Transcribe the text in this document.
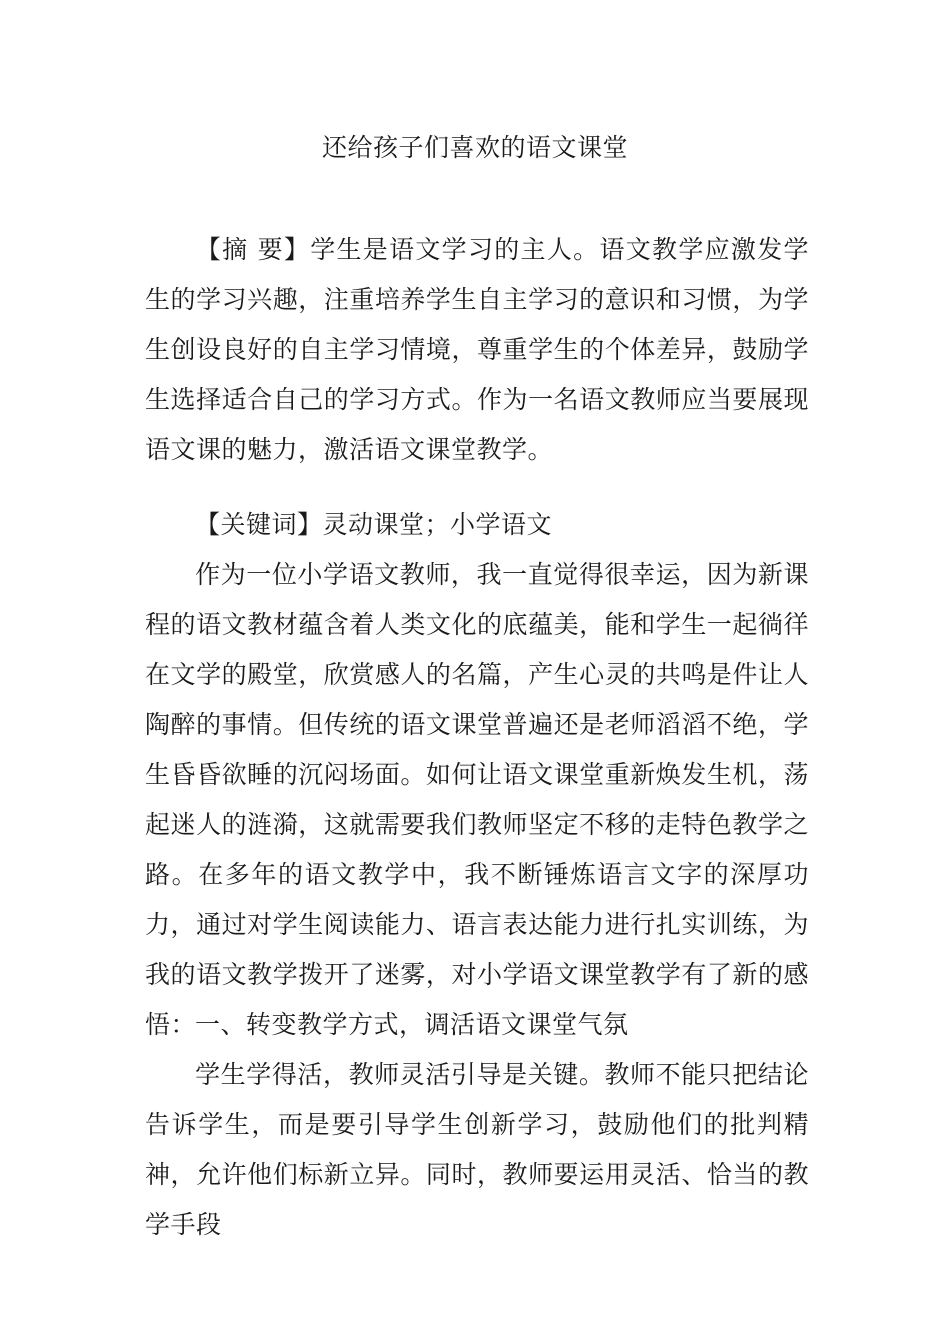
还给孩子们喜欢的语文课堂

【摘 要】学生是语文学习的主人。语文教学应激发学生的学习兴趣，注重培养学生自主学习的意识和习惯，为学生创设良好的自主学习情境，尊重学生的个体差异，鼓励学生选择适合自己的学习方式。作为一名语文教师应当要展现语文课的魅力，激活语文课堂教学。

【关键词】灵动课堂；小学语文

作为一位小学语文教师，我一直觉得很幸运，因为新课程的语文教材蕴含着人类文化的底蕴美，能和学生一起徜徉在文学的殿堂，欣赏感人的名篇，产生心灵的共鸣是件让人陶醉的事情。但传统的语文课堂普遍还是老师滔滔不绝，学生昏昏欲睡的沉闷场面。如何让语文课堂重新焕发生机，荡起迷人的涟漪，这就需要我们教师坚定不移的走特色教学之路。在多年的语文教学中，我不断锤炼语言文字的深厚功力，通过对学生阅读能力、语言表达能力进行扎实训练，为我的语文教学拨开了迷雾，对小学语文课堂教学有了新的感悟：

一、转变教学方式，调活语文课堂气氛

学生学得活，教师灵活引导是关键。教师不能只把结论告诉学生，而是要引导学生创新学习，鼓励他们的批判精神，允许他们标新立异。同时，教师要运用灵活、恰当的教学手段
